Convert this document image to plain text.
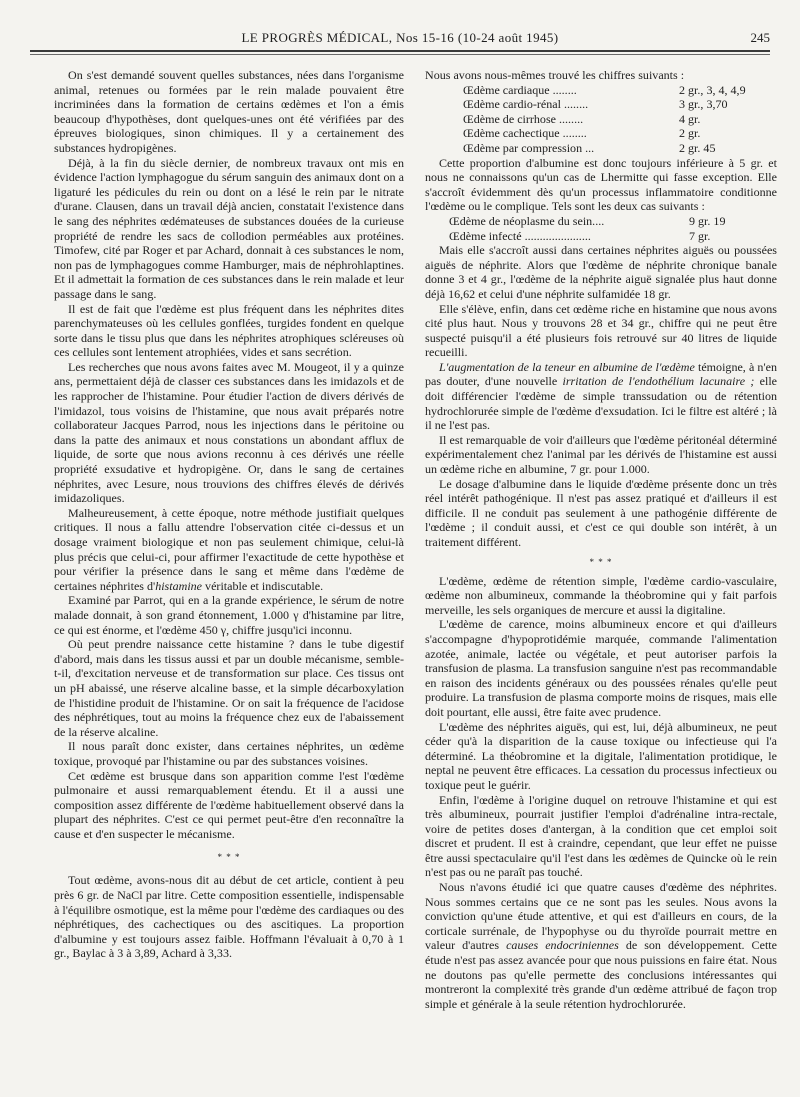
LE PROGRÈS MÉDICAL, Nos 15-16 (10-24 août 1945)	245

On s'est demandé souvent quelles substances, nées dans l'organisme animal, retenues ou formées par le rein malade pouvaient être incriminées dans la formation de certains œdèmes et l'on a émis beaucoup d'hypothèses, dont quelques-unes ont été vérifiées par des épreuves biologiques, sinon chimiques. Il y a certainement des substances hydropigènes.

Déjà, à la fin du siècle dernier, de nombreux travaux ont mis en évidence l'action lymphagogue du sérum sanguin des animaux dont on a ligaturé les pédicules du rein ou dont on a lésé le rein par le nitrate d'urane. Clausen, dans un travail déjà ancien, constatait l'existence dans le sang des néphrites œdémateuses de substances douées de la curieuse propriété de rendre les sacs de collodion perméables aux protéines. Timofew, cité par Roger et par Achard, donnait à ces substances le nom, non pas de lymphagogues comme Hamburger, mais de néphrohlaptines. Et il admettait la formation de ces substances dans le rein malade et leur passage dans le sang.

Il est de fait que l'œdème est plus fréquent dans les néphrites dites parenchymateuses où les cellules gonflées, turgides fondent en quelque sorte dans le tissu plus que dans les néphrites atrophiques scléreuses où ces cellules sont lentement atrophiées, vides et sans secrétion.

Les recherches que nous avons faites avec M. Mougeot, il y a quinze ans, permettaient déjà de classer ces substances dans les imidazols et de les rapprocher de l'histamine. Pour étudier l'action de divers dérivés de l'imidazol, tous voisins de l'histamine, que nous avait préparés notre collaborateur Jacques Parrod, nous les injections dans le péritoine ou dans la patte des animaux et nous constations un abondant afflux de liquide, de sorte que nous avions reconnu à ces dérivés une réelle propriété exsudative et hydropigène. Or, dans le sang de certaines néphrites, avec Lesure, nous trouvions des chiffres élevés de dérivés imidazoliques.

Malheureusement, à cette époque, notre méthode justifiait quelques critiques. Il nous a fallu attendre l'observation citée ci-dessus et un dosage vraiment biologique et non pas seulement chimique, celui-là plus précis que celui-ci, pour affirmer l'exactitude de cette hypothèse et pour vérifier la présence dans le sang et même dans l'œdème de certaines néphrites d'histamine véritable et indiscutable.

Examiné par Parrot, qui en a la grande expérience, le sérum de notre malade donnait, à son grand étonnement, 1.000 γ d'histamine par litre, ce qui est énorme, et l'œdème 450 γ, chiffre jusqu'ici inconnu.

Où peut prendre naissance cette histamine ? dans le tube digestif d'abord, mais dans les tissus aussi et par un double mécanisme, semble-t-il, d'excitation nerveuse et de transformation sur place. Ces tissus ont un pH abaissé, une réserve alcaline basse, et la simple décarboxylation de l'histidine produit de l'histamine. Or on sait la fréquence de l'acidose des néphrétiques, tout au moins la fréquence chez eux de l'abaissement de la réserve alcaline.

Il nous paraît donc exister, dans certaines néphrites, un œdème toxique, provoqué par l'histamine ou par des substances voisines.

Cet œdème est brusque dans son apparition comme l'est l'œdème pulmonaire et aussi remarquablement étendu. Et il a aussi une composition assez différente de l'œdème habituellement observé dans la plupart des néphrites. C'est ce qui permet peut-être d'en reconnaître la cause et d'en suspecter le mécanisme.

* * *

Tout œdème, avons-nous dit au début de cet article, contient à peu près 6 gr. de NaCl par litre. Cette composition essentielle, indispensable à l'équilibre osmotique, est la même pour l'œdème des cardiaques ou des néphrétiques, des cachectiques ou des ascitiques. La proportion d'albumine y est toujours assez faible. Hoffmann l'évaluait à 0,70 à 1 gr., Baylac à 3 à 3,89, Achard à 3,33.

Nous avons nous-mêmes trouvé les chiffres suivants :

Œdème cardiaque ........	2 gr., 3, 4, 4,9
Œdème cardio-rénal ........	3 gr., 3,70
Œdème de cirrhose ........	4 gr.
Œdème cachectique ........	2 gr.
Œdème par compression ...	2 gr. 45

Cette proportion d'albumine est donc toujours inférieure à 5 gr. et nous ne connaissons qu'un cas de Lhermitte qui fasse exception. Elle s'accroît évidemment dès qu'un processus inflammatoire conditionne l'œdème ou le complique. Tels sont les deux cas suivants :

Œdème de néoplasme du sein....	9 gr. 19
Œdème infecté ......................	7 gr.

Mais elle s'accroît aussi dans certaines néphrites aiguës ou poussées aiguës de néphrite. Alors que l'œdème de néphrite chronique banale donne 3 et 4 gr., l'œdème de la néphrite aiguë signalée plus haut donne déjà 16,62 et celui d'une néphrite sulfamidée 18 gr.

Elle s'élève, enfin, dans cet œdème riche en histamine que nous avons cité plus haut. Nous y trouvons 28 et 34 gr., chiffre qui ne peut être suspecté puisqu'il a été plusieurs fois retrouvé sur 40 litres de liquide recueilli.

L'augmentation de la teneur en albumine de l'œdème témoigne, à n'en pas douter, d'une nouvelle irritation de l'endothélium lacunaire ; elle doit différencier l'œdème de simple transsudation ou de rétention hydrochlorurée simple de l'œdème d'exsudation. Ici le filtre est altéré ; là il ne l'est pas.

Il est remarquable de voir d'ailleurs que l'œdème péritonéal déterminé expérimentalement chez l'animal par les dérivés de l'histamine est aussi un œdème riche en albumine, 7 gr. pour 1.000.

Le dosage d'albumine dans le liquide d'œdème présente donc un très réel intérêt pathogénique. Il n'est pas assez pratiqué et d'ailleurs il est difficile. Il ne conduit pas seulement à une pathogénie différente de l'œdème ; il conduit aussi, et c'est ce qui double son intérêt, à un traitement différent.

* * *

L'œdème, œdème de rétention simple, l'œdème cardio-vasculaire, œdème non albumineux, commande la théobromine qui y fait parfois merveille, les sels organiques de mercure et aussi la digitaline.

L'œdème de carence, moins albumineux encore et qui d'ailleurs s'accompagne d'hypoprotidémie marquée, commande l'alimentation azotée, animale, lactée ou végétale, et peut autoriser parfois la transfusion de plasma. La transfusion sanguine n'est pas recommandable en raison des incidents généraux ou des poussées rénales qu'elle peut produire. La transfusion de plasma comporte moins de risques, mais elle doit pourtant, elle aussi, être faite avec prudence.

L'œdème des néphrites aiguës, qui est, lui, déjà albumineux, ne peut céder qu'à la disparition de la cause toxique ou infectieuse qui l'a déterminé. La théobromine et la digitale, l'alimentation protidique, le neptal ne peuvent être efficaces. La cessation du processus infectieux ou toxique peut le guérir.

Enfin, l'œdème à l'origine duquel on retrouve l'histamine et qui est très albumineux, pourrait justifier l'emploi d'adrénaline intra-rectale, voire de petites doses d'antergan, à la condition que cet emploi soit discret et prudent. Il est à craindre, cependant, que leur effet ne puisse être aussi spectaculaire qu'il l'est dans les œdèmes de Quincke où le rein n'est pas ou ne paraît pas touché.

Nous n'avons étudié ici que quatre causes d'œdème des néphrites. Nous sommes certains que ce ne sont pas les seules. Nous avons la conviction qu'une étude attentive, et qui est d'ailleurs en cours, de la corticale surrénale, de l'hypophyse ou du thyroïde pourrait mettre en valeur d'autres causes endocriniennes de son développement. Cette étude n'est pas assez avancée pour que nous puissions en faire état. Nous ne doutons pas qu'elle permette des conclusions intéressantes qui montreront la complexité très grande d'un œdème attribué de façon trop simple et générale à la seule rétention hydrochlorurée.
